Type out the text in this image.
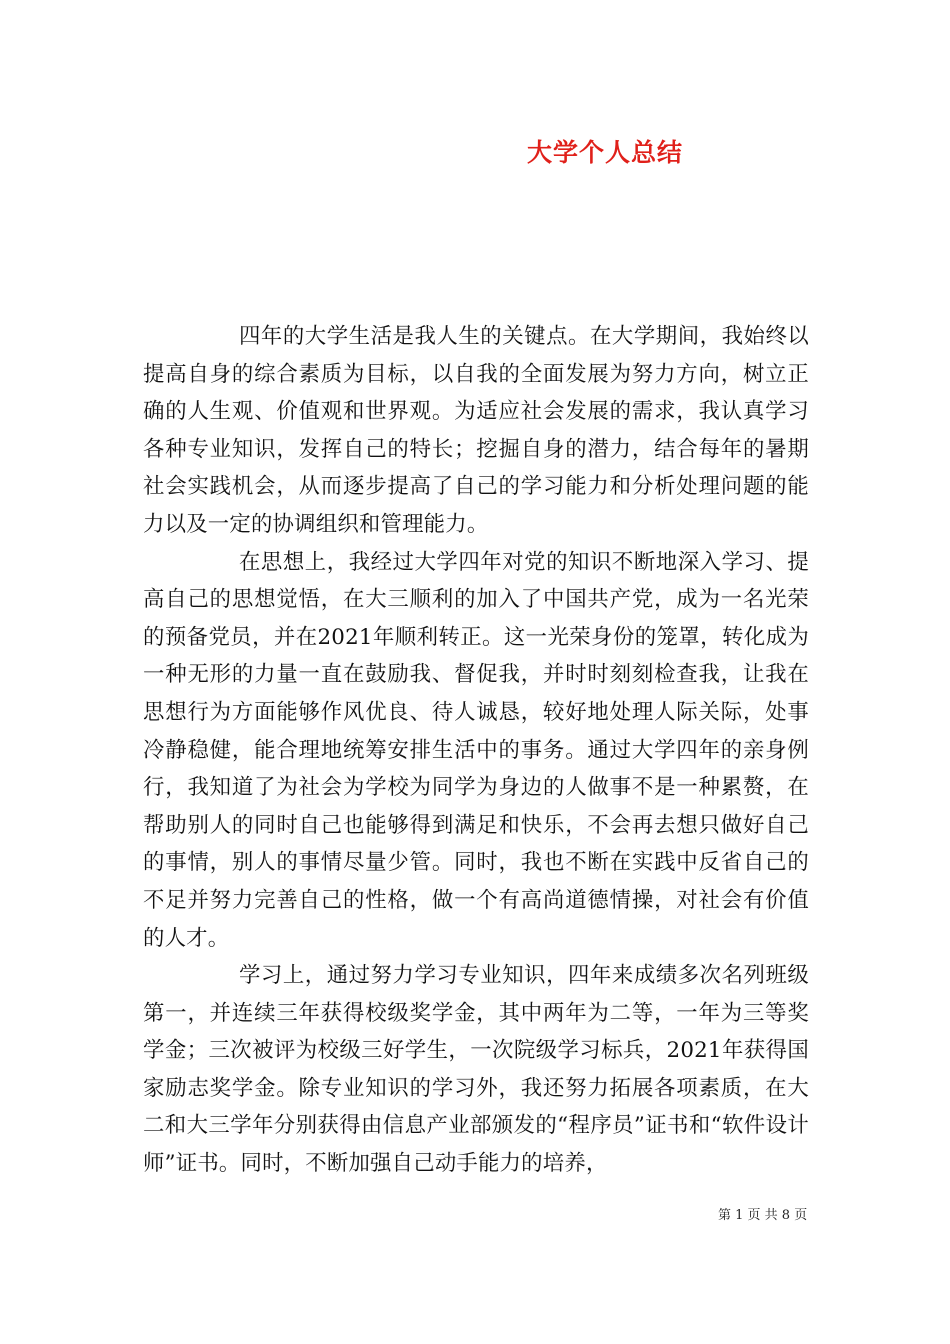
大学个人总结

四年的大学生活是我人生的关键点。在大学期间，我始终以提高自身的综合素质为目标，以自我的全面发展为努力方向，树立正确的人生观、价值观和世界观。为适应社会发展的需求，我认真学习各种专业知识，发挥自己的特长；挖掘自身的潜力，结合每年的暑期社会实践机会，从而逐步提高了自己的学习能力和分析处理问题的能力以及一定的协调组织和管理能力。

在思想上，我经过大学四年对党的知识不断地深入学习、提高自己的思想觉悟，在大三顺利的加入了中国共产党，成为一名光荣的预备党员，并在2021年顺利转正。这一光荣身份的笼罩，转化成为一种无形的力量一直在鼓励我、督促我，并时时刻刻检查我，让我在思想行为方面能够作风优良、待人诚恳，较好地处理人际关际，处事冷静稳健，能合理地统筹安排生活中的事务。通过大学四年的亲身例行，我知道了为社会为学校为同学为身边的人做事不是一种累赘，在帮助别人的同时自己也能够得到满足和快乐，不会再去想只做好自己的事情，别人的事情尽量少管。同时，我也不断在实践中反省自己的不足并努力完善自己的性格，做一个有高尚道德情操，对社会有价值的人才。

学习上，通过努力学习专业知识，四年来成绩多次名列班级第一，并连续三年获得校级奖学金，其中两年为二等，一年为三等奖学金；三次被评为校级三好学生，一次院级学习标兵，2021年获得国家励志奖学金。除专业知识的学习外，我还努力拓展各项素质，在大二和大三学年分别获得由信息产业部颁发的“程序员”证书和“软件设计师”证书。同时，不断加强自己动手能力的培养，

第 1 页 共 8 页
